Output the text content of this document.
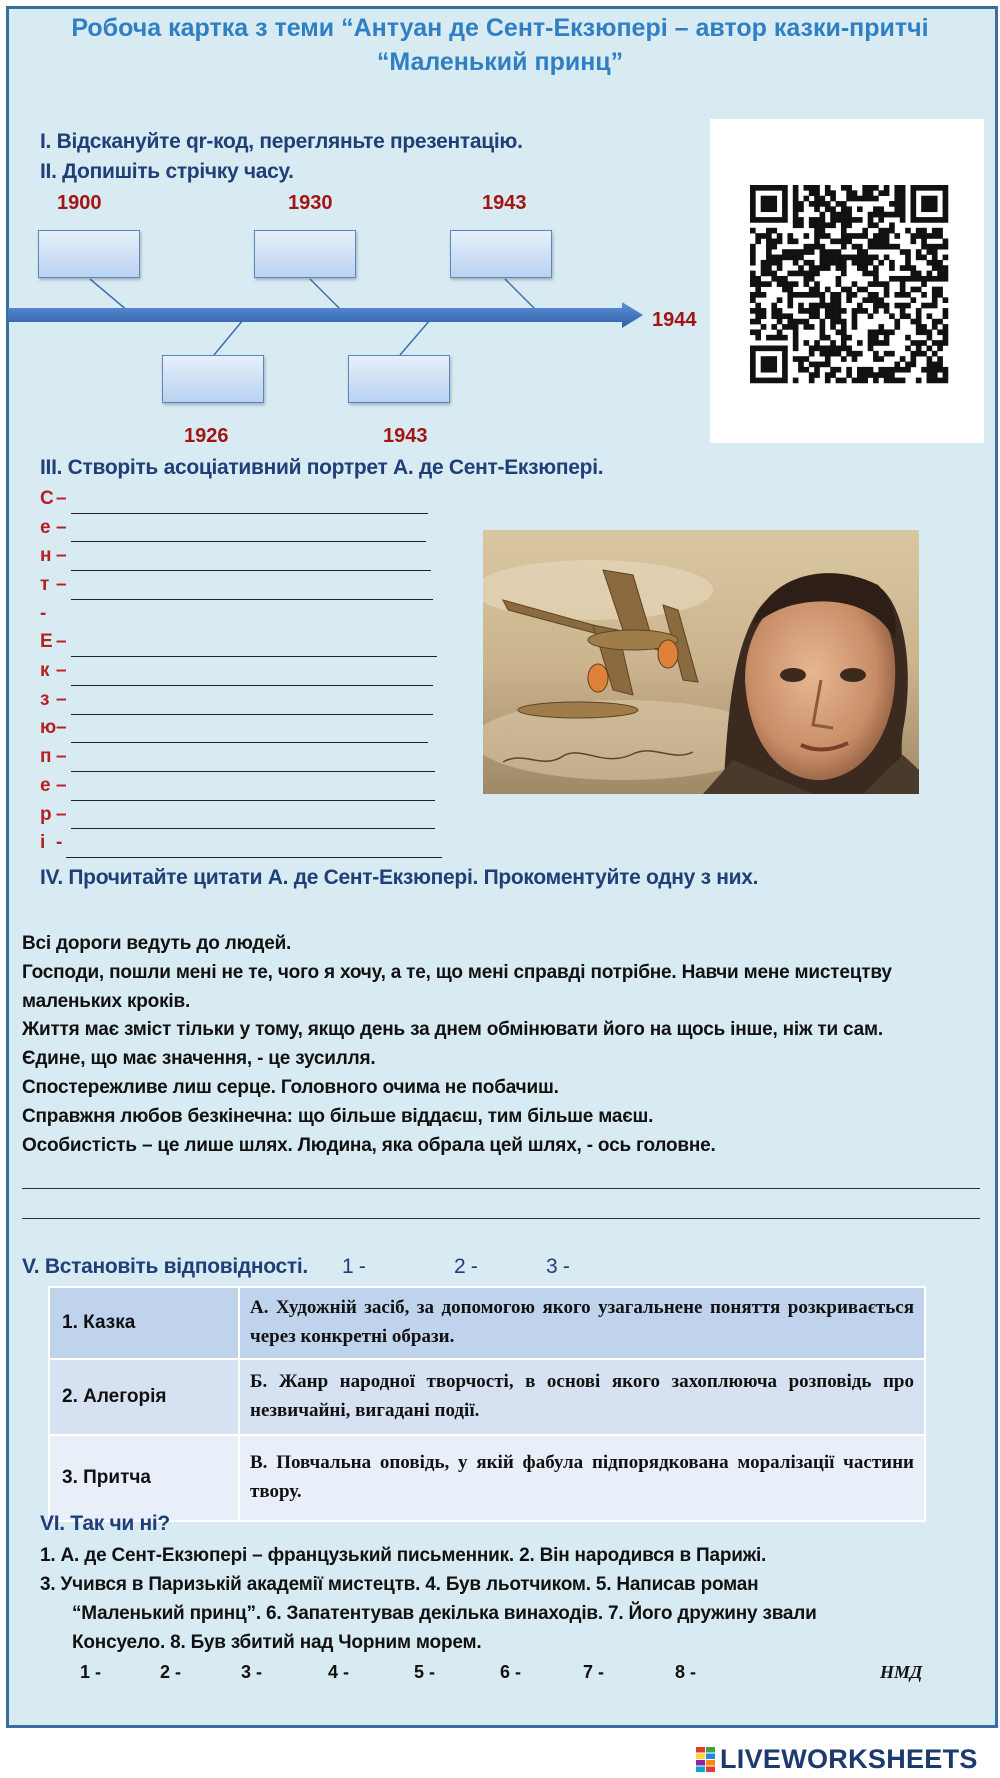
Робоча картка з теми “Антуан де Сент-Екзюпері – автор казки-притчі
“Маленький принц”
І. Відскануйте qr-код, перегляньте презентацію.
ІІ. Допишіть стрічку часу.
1900	1930	1943
1926	1943
1944
ІІІ. Створіть асоціативний портрет А. де Сент-Екзюпері.
С –
е –
н –
т –
-
Е –
к –
з –
ю –
п –
е –
р –
і -
IV. Прочитайте цитати А. де Сент-Екзюпері. Прокоментуйте одну з них.
Всі дороги ведуть до людей.
Господи, пошли мені не те, чого я хочу, а те, що мені справді потрібне. Навчи мене мистецтву
маленьких кроків.
Життя має зміст тільки у тому, якщо день за днем обмінювати його на щось інше, ніж ти сам.
Єдине, що має значення, - це зусилля.
Спостережливе лиш серце. Головного очима не побачиш.
Справжня любов безкінечна: що більше віддаєш, тим більше маєш.
Особистість – це лише шлях. Людина, яка обрала цей шлях, - ось головне.
V. Встановіть відповідності. 1 -	2 -	3 -
1. Казка	А. Художній засіб, за допомогою якого узагальнене поняття розкривається через конкретні образи.
2. Алегорія	Б. Жанр народної творчості, в основі якого захоплююча розповідь про незвичайні, вигадані події.
3. Притча	В. Повчальна оповідь, у якій фабула підпорядкована моралізації частини твору.
VI. Так чи ні?
1. А. де Сент-Екзюпері – французький письменник. 2. Він народився в Парижі.
3. Учився в Паризькій академії мистецтв. 4. Був льотчиком. 5. Написав роман
“Маленький принц”. 6. Запатентував декілька винаходів. 7. Його дружину звали
Консуело. 8. Був збитий над Чорним морем.
1 -	2 -	3 -	4 -	5 -	6 -	7 -	8 -	НМД
LIVEWORKSHEETS
